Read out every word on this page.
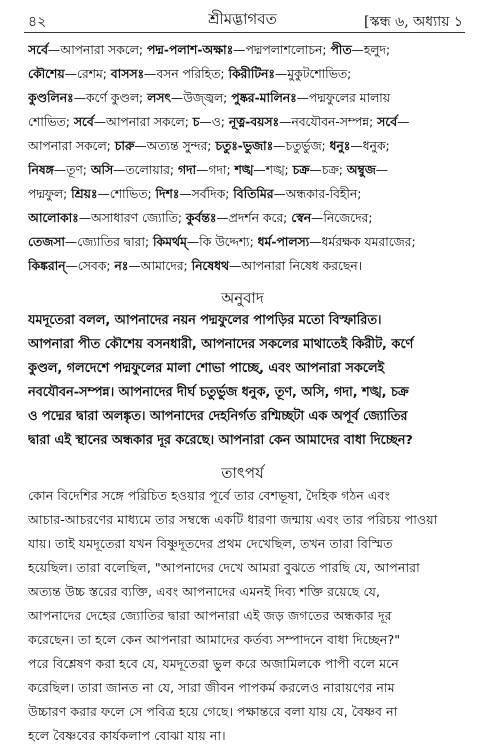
৪২	শ্রীমদ্ভাগবত	[স্কন্ধ ৬, অধ্যায় ১
সর্বে—আপনারা সকলে; পদ্ম-পলাশ-অক্ষাঃ—পদ্মপলাশলোচন; পীত—হলুদ;
কৌশেয়—রেশম; বাসসঃ—বসন পরিহিত; কিরীটিনঃ—মুকুটশোভিত;
কুণ্ডলিনঃ—কর্ণে কুণ্ডল; লসৎ—উজ্জ্বল; পুষ্কর-মালিনঃ—পদ্মফুলের মালায়
শোভিত; সর্বে—আপনারা সকলে; চ—ও; নূত্ন-বয়সঃ—নবযৌবন-সম্পন্ন; সর্বে—
আপনারা সকলে; চারু—অত্যন্ত সুন্দর; চতুঃ-ভুজাঃ—চতুর্ভুজ; ধনুঃ—ধনুক;
নিষঙ্গ—তূণ; অসি—তলোয়ার; গদা—গদা; শঙ্খ—শঙ্খ; চক্র—চক্র; অম্বুজ—
পদ্মফুল; শ্রিয়ঃ—শোভিত; দিশঃ—সর্বদিক; বিতিমির—অন্ধকার-বিহীন;
আলোকাঃ—অসাধারণ জ্যোতি; কুর্বন্তঃ—প্রদর্শন করে; স্বেন—নিজেদের;
তেজসা—জ্যোতির দ্বারা; কিমর্থম্—কি উদ্দেশ্য; ধর্ম-পালস্য—ধর্মরক্ষক যমরাজের;
কিঙ্করান্—সেবক; নঃ—আমাদের; নিষেধথ—আপনারা নিষেধ করছেন।
অনুবাদ
যমদূতেরা বলল, আপনাদের নয়ন পদ্মফুলের পাপড়ির মতো বিস্ফারিত।
আপনারা পীত কৌশেয় বসনধারী, আপনাদের সকলের মাথাতেই কিরীট, কর্ণে
কুণ্ডল, গলদেশে পদ্মফুলের মালা শোভা পাচ্ছে, এবং আপনারা সকলেই
নবযৌবন-সম্পন্ন। আপনাদের দীর্ঘ চতুর্ভুজ ধনুক, তূণ, অসি, গদা, শঙ্খ, চক্র
ও পদ্মের দ্বারা অলঙ্কৃত। আপনাদের দেহনির্গত রশ্মিচ্ছটা এক অপূর্ব জ্যোতির
দ্বারা এই স্থানের অন্ধকার দূর করেছে। আপনারা কেন আমাদের বাধা দিচ্ছেন?
তাৎপর্য
কোন বিদেশির সঙ্গে পরিচিত হওয়ার পূর্বে তার বেশভূষা, দৈহিক গঠন এবং
আচার-আচরণের মাধ্যমে তার সম্বন্ধে একটি ধারণা জন্মায় এবং তার পরিচয় পাওয়া
যায়। তাই যমদূতেরা যখন বিষ্ণুদূতদের প্রথম দেখেছিল, তখন তারা বিস্মিত
হয়েছিল। তারা বলেছিল, "আপনাদের দেখে আমরা বুঝতে পারছি যে, আপনারা
অত্যন্ত উচ্চ স্তরের ব্যক্তি, এবং আপনাদের এমনই দিব্য শক্তি রয়েছে যে,
আপনাদের দেহের জ্যোতির দ্বারা আপনারা এই জড় জগতের অন্ধকার দূর
করেছেন। তা হলে কেন আপনারা আমাদের কর্তব্য সম্পাদনে বাধা দিচ্ছেন?"
পরে বিশ্লেষণ করা হবে যে, যমদূতেরা ভুল করে অজামিলকে পাপী বলে মনে
করেছিল। তারা জানত না যে, সারা জীবন পাপকর্ম করলেও নারায়ণের নাম
উচ্চারণ করার ফলে সে পবিত্র হয়ে গেছে। পক্ষান্তরে বলা যায় যে, বৈষ্ণব না
হলে বৈষ্ণবের কার্যকলাপ বোঝা যায় না।
